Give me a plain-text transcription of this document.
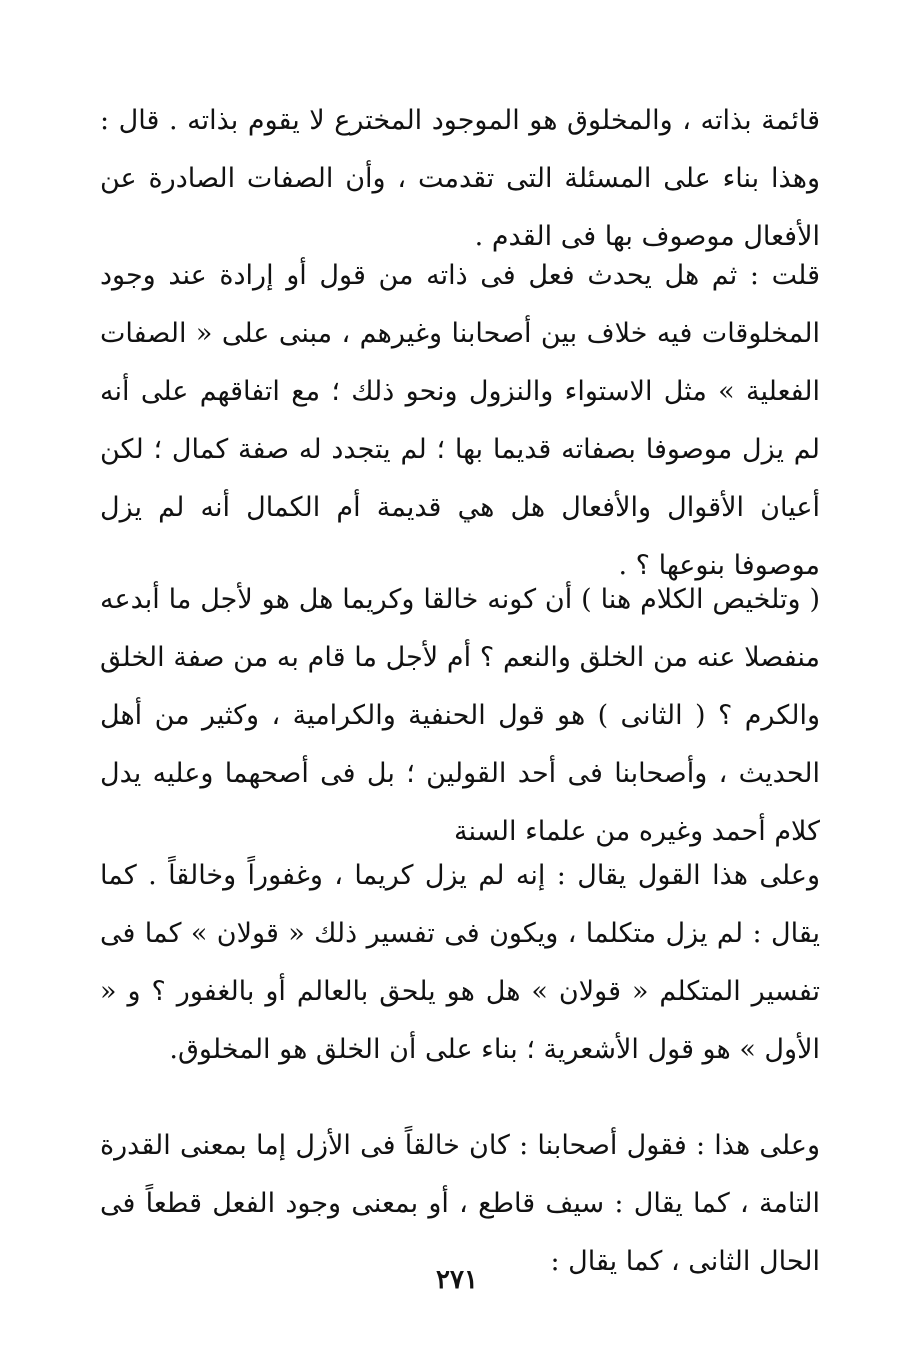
قائمة بذاته ، والمخلوق هو الموجود المخترع لا يقوم بذاته . قال : وهذا بناء على المسئلة التى تقدمت ، وأن الصفات الصادرة عن الأفعال موصوف بها فى القدم .

قلت : ثم هل يحدث فعل فى ذاته من قول أو إرادة عند وجود المخلوقات فيه خلاف بين أصحابنا وغيرهم ، مبنى على « الصفات الفعلية » مثل الاستواء والنزول ونحو ذلك ؛ مع اتفاقهم على أنه لم يزل موصوفا بصفاته قديما بها ؛ لم يتجدد له صفة كمال ؛ لكن أعيان الأقوال والأفعال هل هي قديمة أم الكمال أنه لم يزل موصوفا بنوعها ؟ .

( وتلخيص الكلام هنا ) أن كونه خالقا وكريما هل هو لأجل ما أبدعه منفصلا عنه من الخلق والنعم ؟ أم لأجل ما قام به من صفة الخلق والكرم ؟ ( الثانى ) هو قول الحنفية والكرامية ، وكثير من أهل الحديث ، وأصحابنا فى أحد القولين ؛ بل فى أصحهما وعليه يدل كلام أحمد وغيره من علماء السنة

وعلى هذا القول يقال : إنه لم يزل كريما ، وغفوراً وخالقاً . كما يقال : لم يزل متكلما ، ويكون فى تفسير ذلك « قولان » كما فى تفسير المتكلم « قولان » هل هو يلحق بالعالم أو بالغفور ؟ و « الأول » هو قول الأشعرية ؛ بناء على أن الخلق هو المخلوق.

وعلى هذا : فقول أصحابنا : كان خالقاً فى الأزل إما بمعنى القدرة التامة ، كما يقال : سيف قاطع ، أو بمعنى وجود الفعل قطعاً فى الحال الثانى ، كما يقال :

٢٧١
